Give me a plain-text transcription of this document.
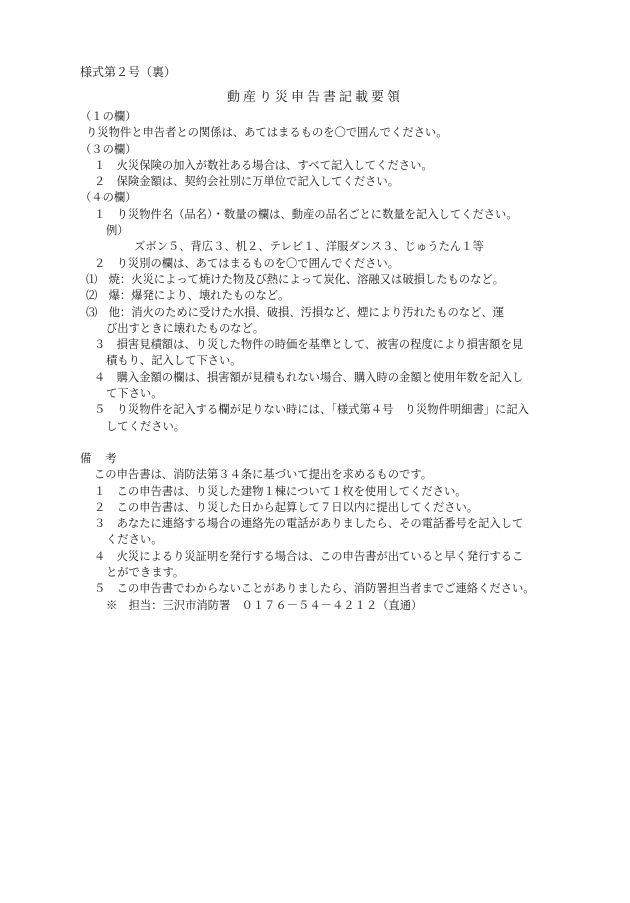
様式第２号（裏）
動産り災申告書記載要領
（１の欄）
り災物件と申告者との関係は、あてはまるものを〇で囲んでください。
（３の欄）
１　火災保険の加入が数社ある場合は、すべて記入してください。
２　保険金額は、契約会社別に万単位で記入してください。
（４の欄）
１　り災物件名（品名）・数量の欄は、動産の品名ごとに数量を記入してください。
例）
ズボン５、背広３、机２、テレビ１、洋服ダンス３、じゅうたん１等
２　り災別の欄は、あてはまるものを〇で囲んでください。
⑴　焼：火災によって焼けた物及び熱によって炭化、溶融又は破損したものなど。
⑵　爆：爆発により、壊れたものなど。
⑶　他：消火のために受けた水損、破損、汚損など、煙により汚れたものなど、運
び出すときに壊れたものなど。
３　損害見積額は、り災した物件の時価を基準として、被害の程度により損害額を見
積もり、記入して下さい。
４　購入金額の欄は、損害額が見積もれない場合、購入時の金額と使用年数を記入し
て下さい。
５　り災物件を記入する欄が足りない時には、「様式第４号　り災物件明細書」に記入
してください。
備考
この申告書は、消防法第３４条に基づいて提出を求めるものです。
１　この申告書は、り災した建物１棟について１枚を使用してください。
２　この申告書は、り災した日から起算して７日以内に提出してください。
３　あなたに連絡する場合の連絡先の電話がありましたら、その電話番号を記入して
ください。
４　火災によるり災証明を発行する場合は、この申告書が出ていると早く発行するこ
とができます。
５　この申告書でわからないことがありましたら、消防署担当者までご連絡ください。
※　担当：三沢市消防署　０１７６－５４－４２１２（直通）
